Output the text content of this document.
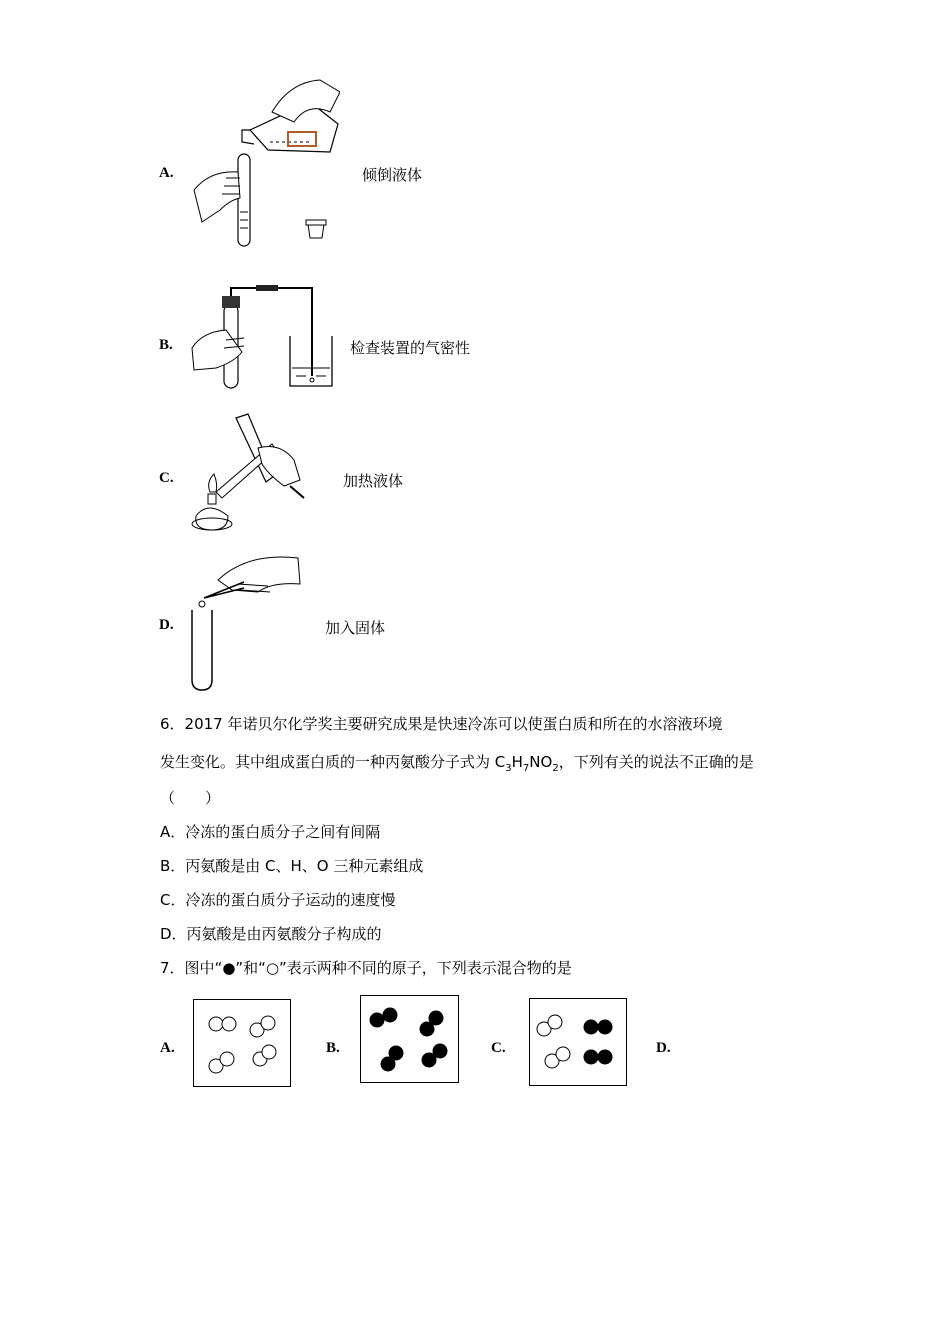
A.	倾倒液体
B.	检查装置的气密性
C.	加热液体
D.	加入固体
6．2017 年诺贝尔化学奖主要研究成果是快速冷冻可以使蛋白质和所在的水溶液环境
发生变化。其中组成蛋白质的一种丙氨酸分子式为 $C_3H_7NO_2$，下列有关的说法不正确的是
（　　）
A．冷冻的蛋白质分子之间有间隔
B．丙氨酸是由 C、H、O 三种元素组成
C．冷冻的蛋白质分子运动的速度慢
D．丙氨酸是由丙氨酸分子构成的
7．图中“●”和“○”表示两种不同的原子，下列表示混合物的是
A.	B.	C.	D.
